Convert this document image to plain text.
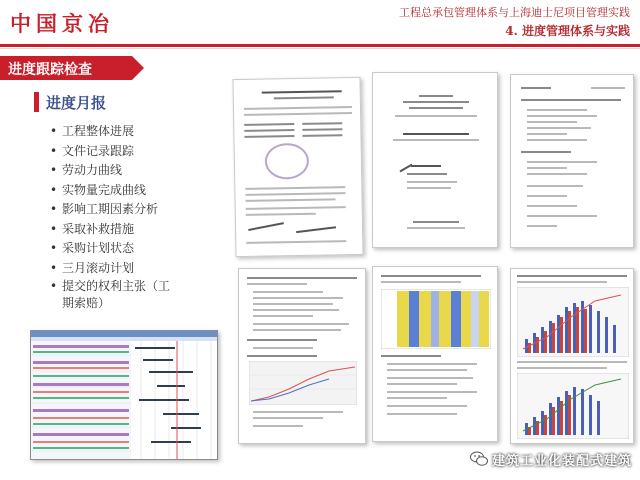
中国京冶	工程总承包管理体系与上海迪士尼项目管理实践
4. 进度管理体系与实践
进度跟踪检查
进度月报
• 工程整体进展
• 文件记录跟踪
• 劳动力曲线
• 实物量完成曲线
• 影响工期因素分析
• 采取补救措施
• 采购计划状态
• 三月滚动计划
• 提交的权利主张（工期索赔）
建筑工业化装配式建筑
